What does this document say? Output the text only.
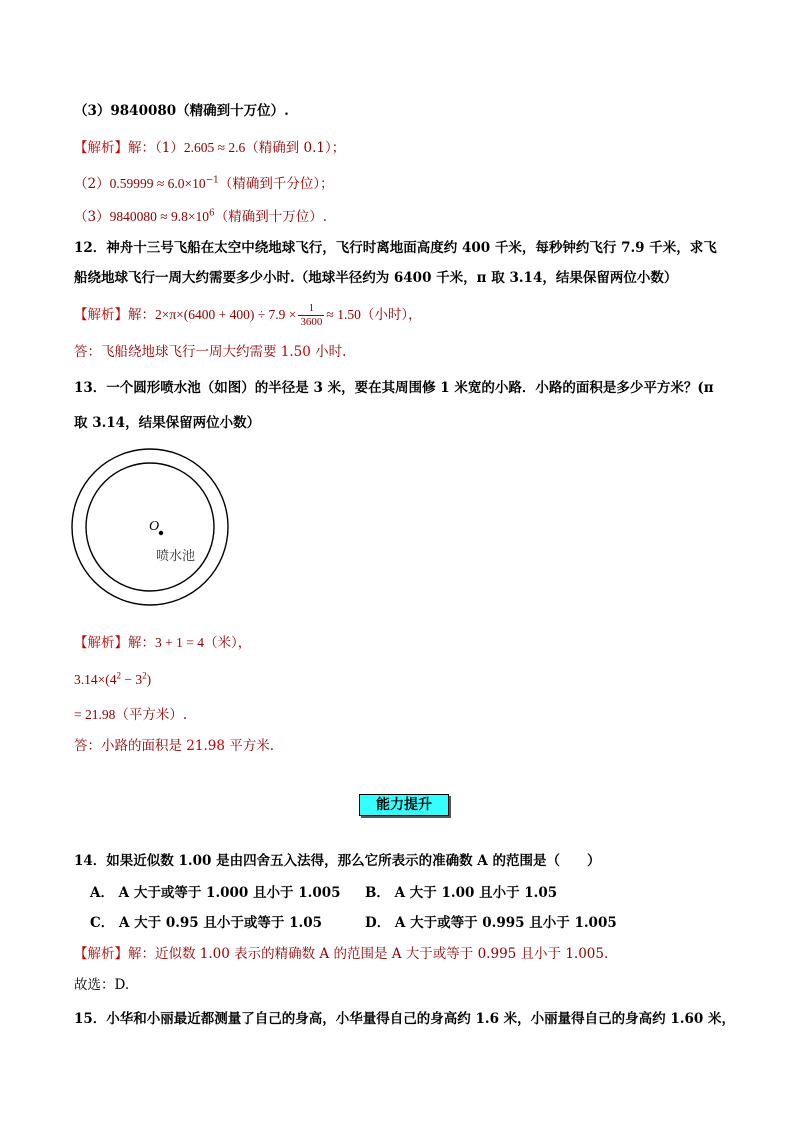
（3）9840080（精确到十万位）.
【解析】解：（1）2.605 ≈ 2.6（精确到 0.1）；
$(2)0.59999 \approx 6.0\times 10^{-1}$（精确到千分位）；
$(3)9840080 \approx 9.8\times 10^6$（精确到十万位）.
12．神舟十三号飞船在太空中绕地球飞行，飞行时离地面高度约 400 千米，每秒钟约飞行 7.9 千米，求飞
船绕地球飞行一周大约需要多少小时.（地球半径约为 6400 千米，π 取 3.14，结果保留两位小数）
【解析】解：$2\times\pi\times(6400 + 400) \div 7.9 \times \frac{1}{3600} \approx 1.50$（小时），
答：飞船绕地球飞行一周大约需要 1.50 小时.
13．一个圆形喷水池（如图）的半径是 3 米，要在其周围修 1 米宽的小路．小路的面积是多少平方米？(π
取 3.14，结果保留两位小数）
O
喷水池
【解析】解：3 + 1 = 4（米），
$3.14\times(4^2 - 3^2)$
= 21.98（平方米）.
答：小路的面积是 21.98 平方米.
能力提升
14．如果近似数 1.00 是由四舍五入法得，那么它所表示的准确数 A 的范围是（　　）
A． A 大于或等于 1.000 且小于 1.005 B． A 大于 1.00 且小于 1.05
C． A 大于 0.95 且小于或等于 1.05	D． A 大于或等于 0.995 且小于 1.005
【解析】解：近似数 1.00 表示的精确数 A 的范围是 A 大于或等于 0.995 且小于 1.005.
故选：D.
15．小华和小丽最近都测量了自己的身高，小华量得自己的身高约 1.6 米，小丽量得自己的身高约 1.60 米，
